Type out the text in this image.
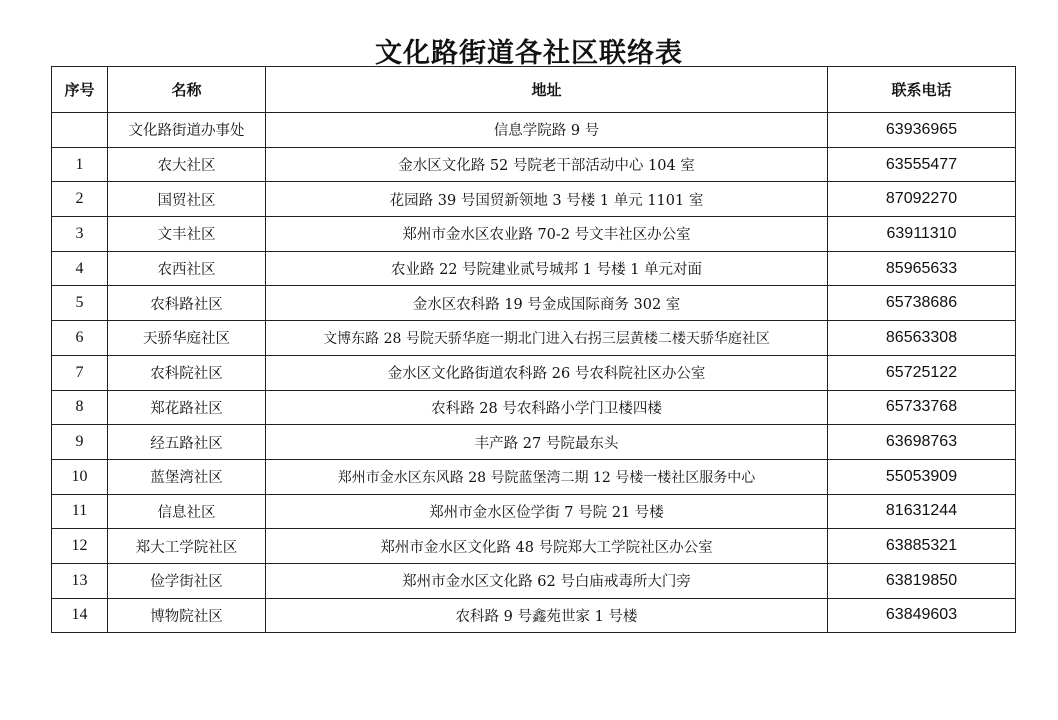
文化路街道各社区联络表
序号	名称	地址	联系电话
	文化路街道办事处	信息学院路 9 号	63936965
1	农大社区	金水区文化路 52 号院老干部活动中心 104 室	63555477
2	国贸社区	花园路 39 号国贸新领地 3 号楼 1 单元 1101 室	87092270
3	文丰社区	郑州市金水区农业路 70-2 号文丰社区办公室	63911310
4	农西社区	农业路 22 号院建业贰号城邦 1 号楼 1 单元对面	85965633
5	农科路社区	金水区农科路 19 号金成国际商务 302 室	65738686
6	天骄华庭社区	文博东路 28 号院天骄华庭一期北门进入右拐三层黄楼二楼天骄华庭社区	86563308
7	农科院社区	金水区文化路街道农科路 26 号农科院社区办公室	65725122
8	郑花路社区	农科路 28 号农科路小学门卫楼四楼	65733768
9	经五路社区	丰产路 27 号院最东头	63698763
10	蓝堡湾社区	郑州市金水区东风路 28 号院蓝堡湾二期 12 号楼一楼社区服务中心	55053909
11	信息社区	郑州市金水区俭学街 7 号院 21 号楼	81631244
12	郑大工学院社区	郑州市金水区文化路 48 号院郑大工学院社区办公室	63885321
13	俭学街社区	郑州市金水区文化路 62 号白庙戒毒所大门旁	63819850
14	博物院社区	农科路 9 号鑫苑世家 1 号楼	63849603
